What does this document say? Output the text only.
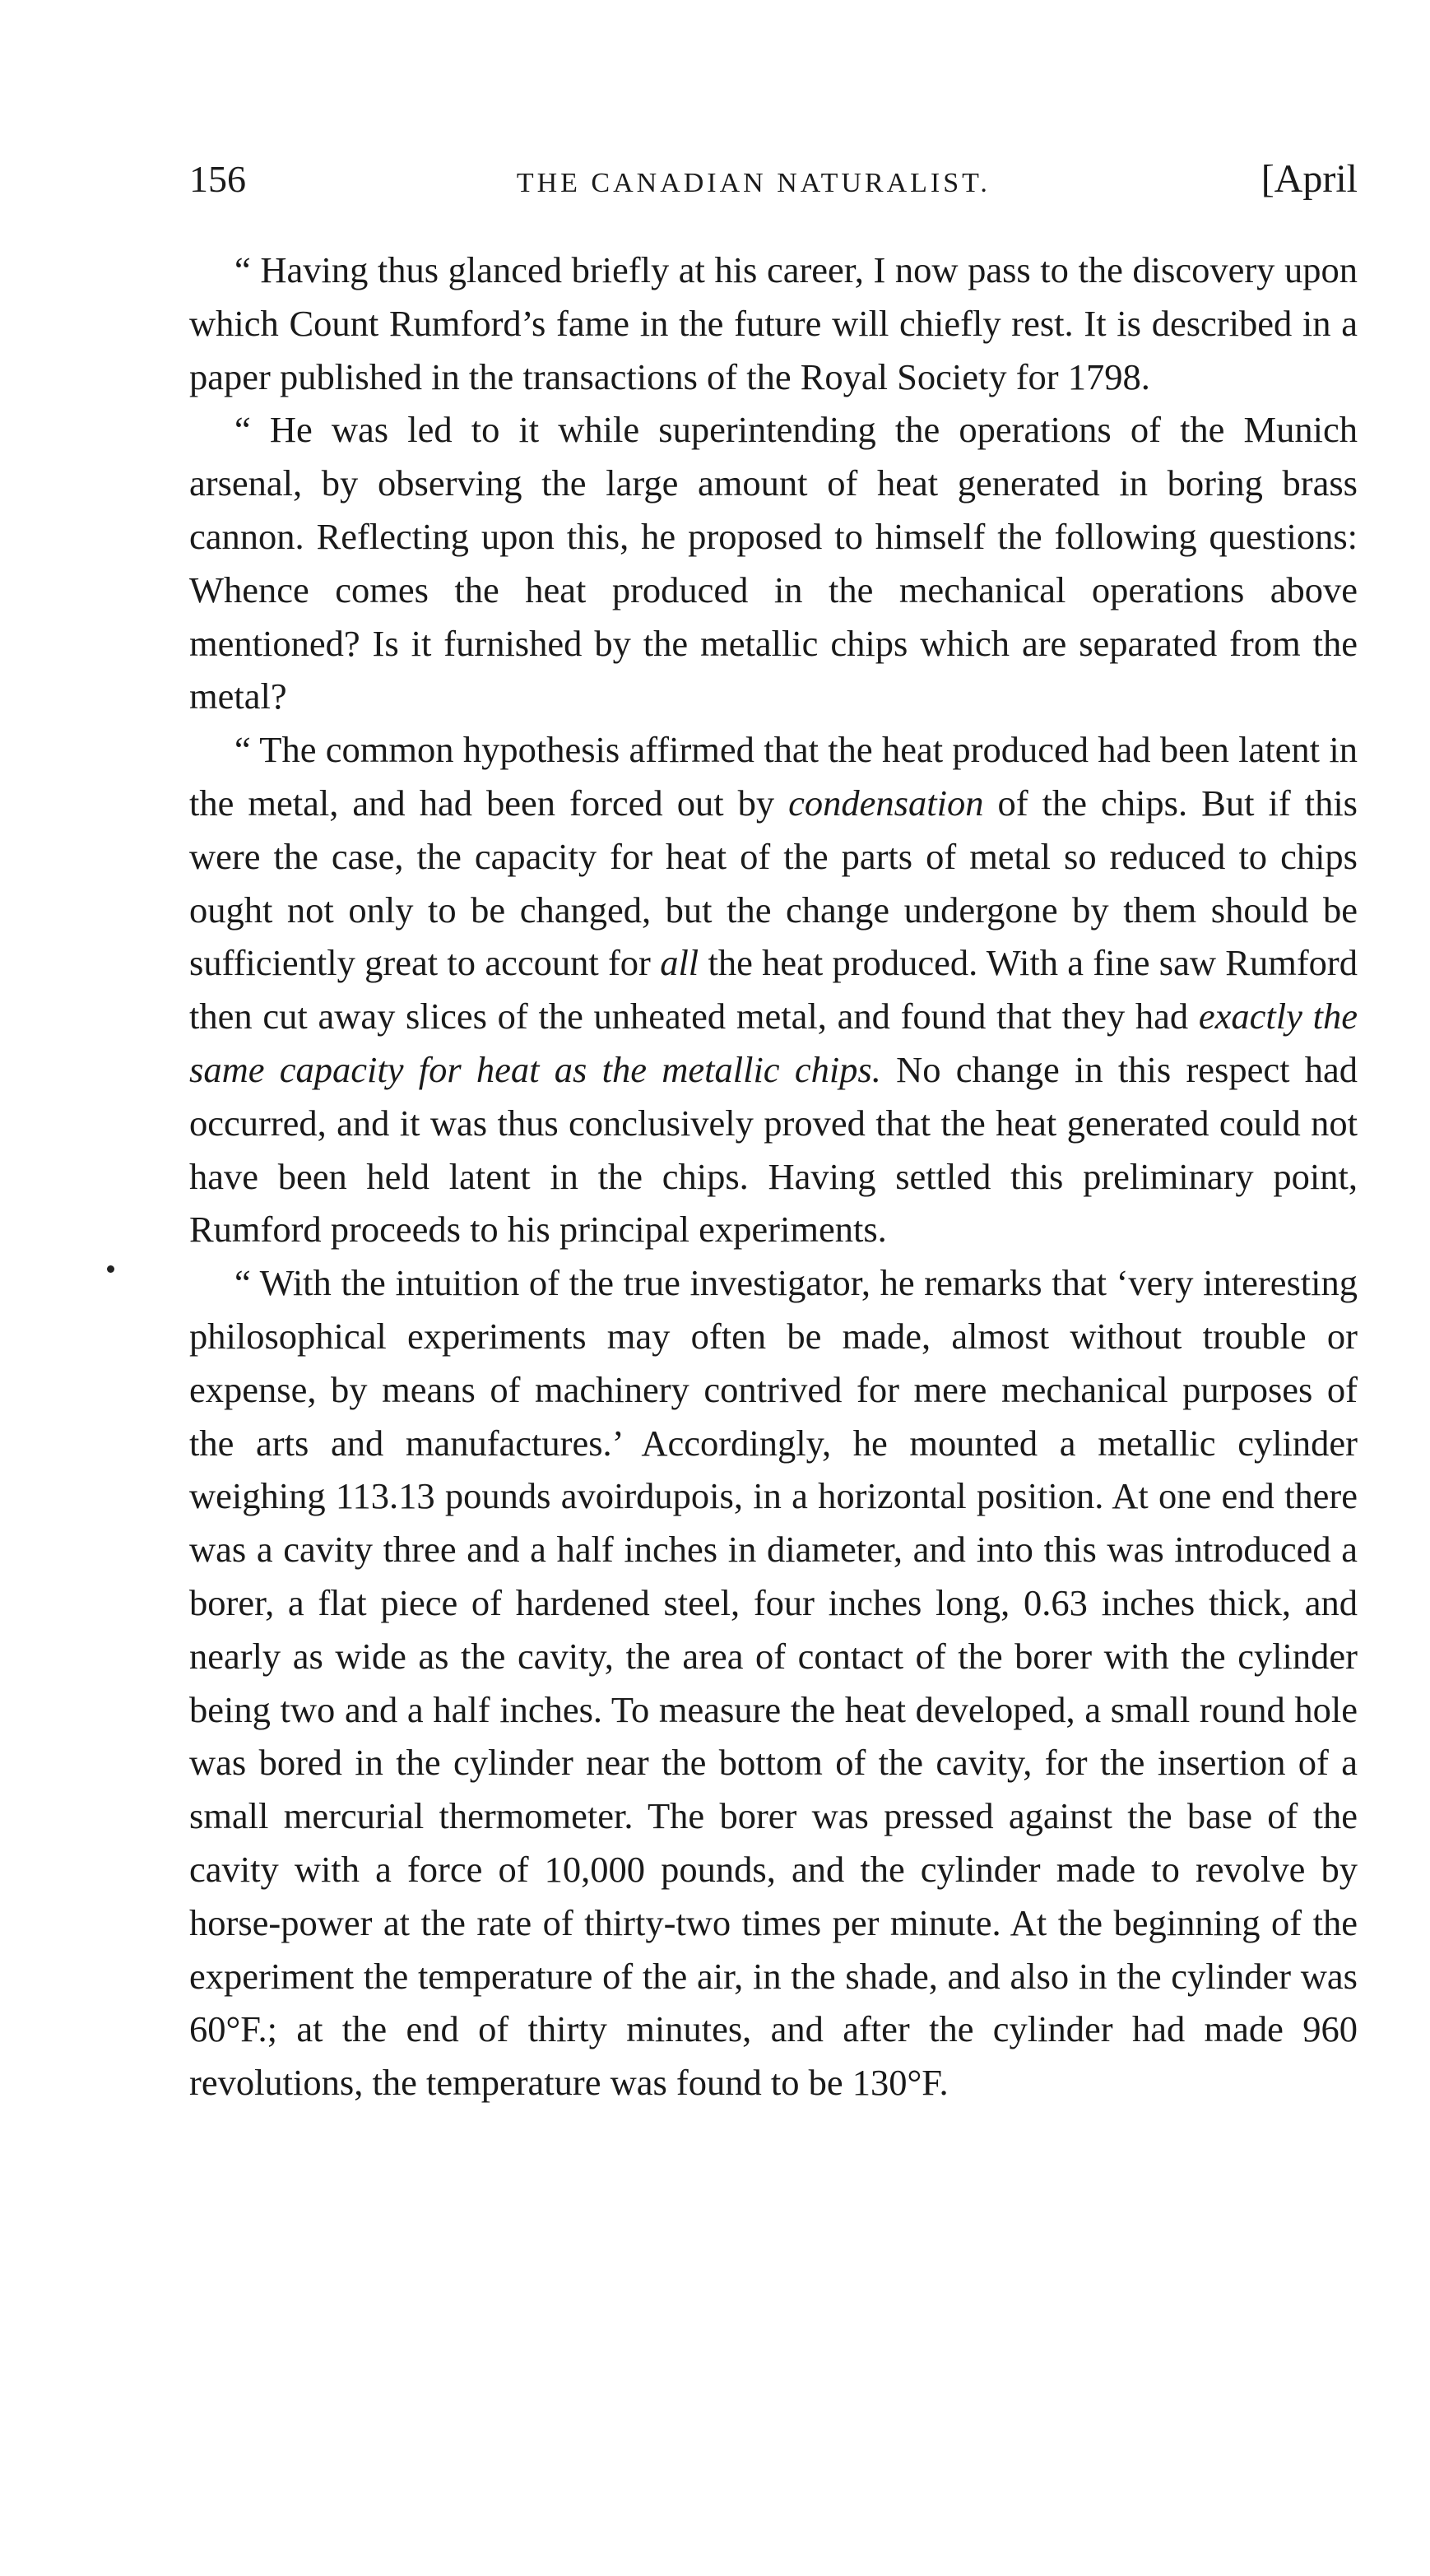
156	THE CANADIAN NATURALIST.	[April

“ Having thus glanced briefly at his career, I now pass to the discovery upon which Count Rumford’s fame in the future will chiefly rest. It is described in a paper published in the transactions of the Royal Society for 1798.

“ He was led to it while superintending the operations of the Munich arsenal, by observing the large amount of heat generated in boring brass cannon. Reflecting upon this, he proposed to himself the following questions: Whence comes the heat produced in the mechanical operations above mentioned? Is it furnished by the metallic chips which are separated from the metal?

“ The common hypothesis affirmed that the heat produced had been latent in the metal, and had been forced out by condensation of the chips. But if this were the case, the capacity for heat of the parts of metal so reduced to chips ought not only to be changed, but the change undergone by them should be sufficiently great to account for all the heat produced. With a fine saw Rumford then cut away slices of the unheated metal, and found that they had exactly the same capacity for heat as the metallic chips. No change in this respect had occurred, and it was thus conclusively proved that the heat generated could not have been held latent in the chips. Having settled this preliminary point, Rumford proceeds to his principal experiments.

“ With the intuition of the true investigator, he remarks that ‘very interesting philosophical experiments may often be made, almost without trouble or expense, by means of machinery contrived for mere mechanical purposes of the arts and manufactures.’ Accordingly, he mounted a metallic cylinder weighing 113.13 pounds avoirdupois, in a horizontal position. At one end there was a cavity three and a half inches in diameter, and into this was introduced a borer, a flat piece of hardened steel, four inches long, 0.63 inches thick, and nearly as wide as the cavity, the area of contact of the borer with the cylinder being two and a half inches. To measure the heat developed, a small round hole was bored in the cylinder near the bottom of the cavity, for the insertion of a small mercurial thermometer. The borer was pressed against the base of the cavity with a force of 10,000 pounds, and the cylinder made to revolve by horse-power at the rate of thirty-two times per minute. At the beginning of the experiment the temperature of the air, in the shade, and also in the cylinder was 60°F.; at the end of thirty minutes, and after the cylinder had made 960 revolutions, the temperature was found to be 130°F.
